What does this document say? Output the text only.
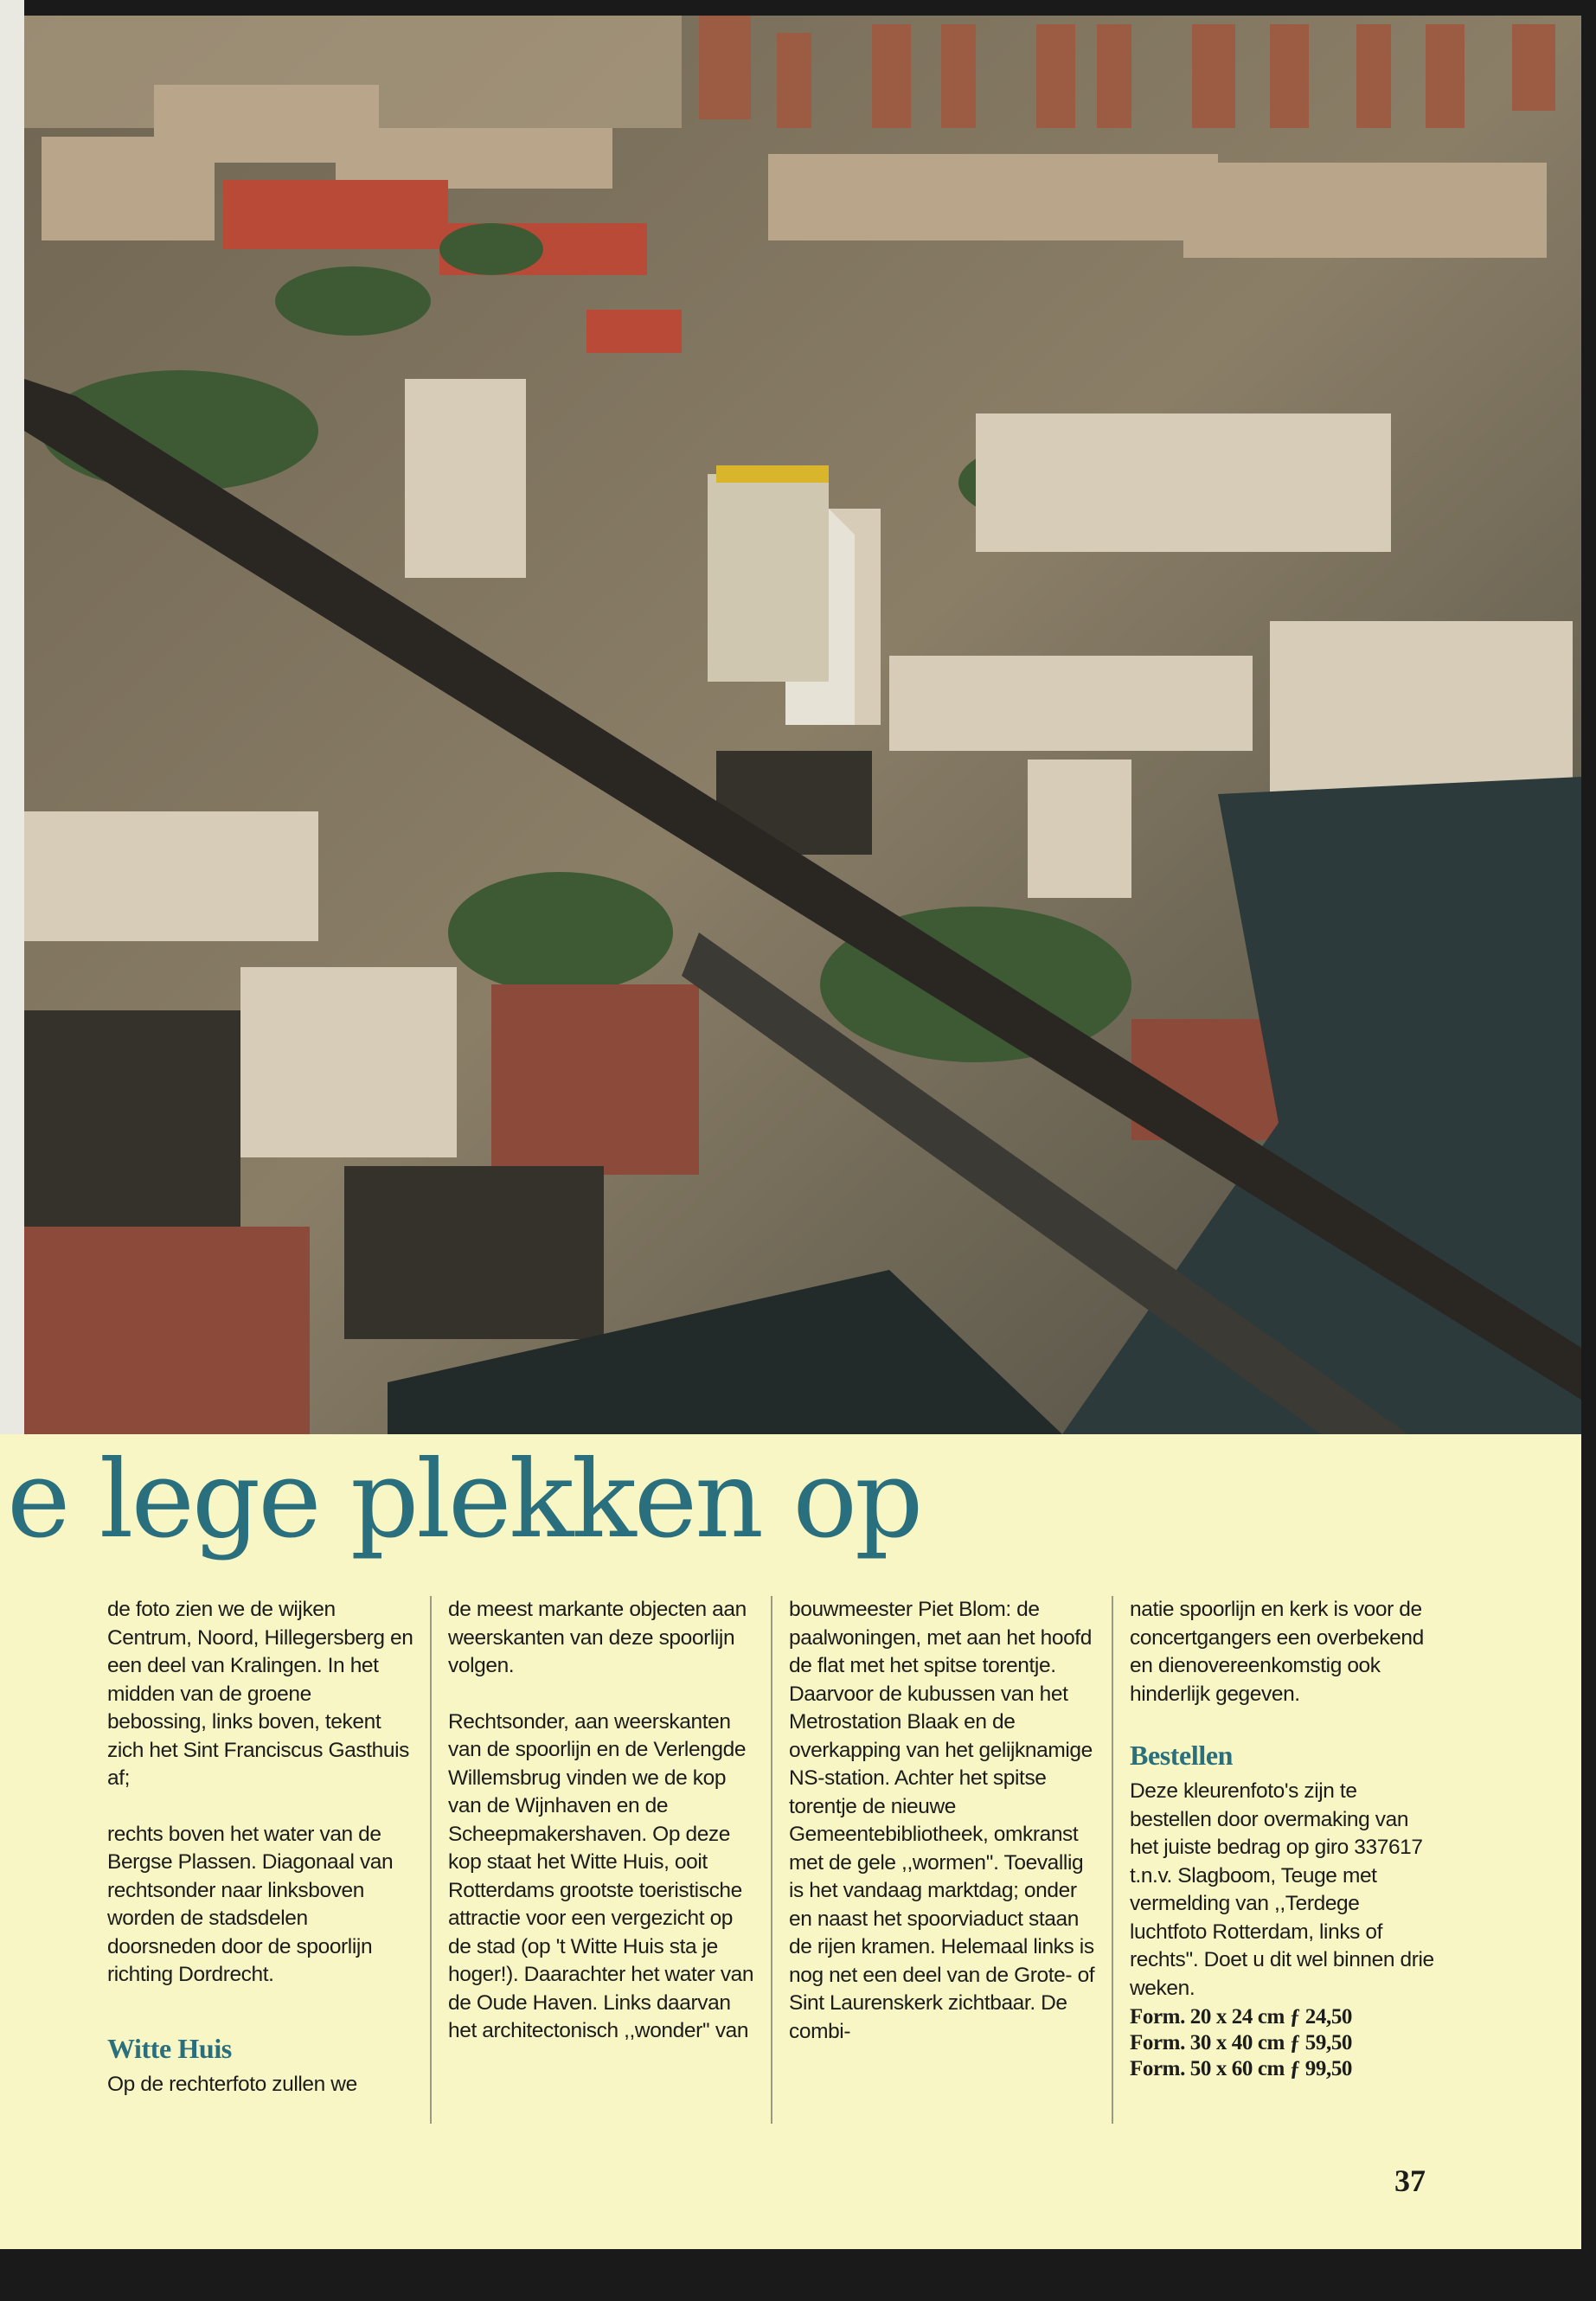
e lege plekken op

de foto zien we de wijken Centrum, Noord, Hillegersberg en een deel van Kralingen. In het midden van de groene bebossing, links boven, tekent zich het Sint Franciscus Gasthuis af;

rechts boven het water van de Bergse Plassen. Diagonaal van rechtsonder naar linksboven worden de stadsdelen doorsneden door de spoorlijn richting Dordrecht.

Witte Huis

Op de rechterfoto zullen we

de meest markante objecten aan weerskanten van deze spoorlijn volgen.

Rechtsonder, aan weerskanten van de spoorlijn en de Verlengde Willemsbrug vinden we de kop van de Wijnhaven en de Scheepmakershaven. Op deze kop staat het Witte Huis, ooit Rotterdams grootste toeristische attractie voor een vergezicht op de stad (op 't Witte Huis sta je hoger!). Daarachter het water van de Oude Haven. Links daarvan het architectonisch ,,wonder'' van

bouwmeester Piet Blom: de paalwoningen, met aan het hoofd de flat met het spitse torentje. Daarvoor de kubussen van het Metrostation Blaak en de overkapping van het gelijknamige NS-station. Achter het spitse torentje de nieuwe Gemeentebibliotheek, omkranst met de gele ,,wormen''. Toevallig is het vandaag marktdag; onder en naast het spoorviaduct staan de rijen kramen. Helemaal links is nog net een deel van de Grote- of Sint Laurenskerk zichtbaar. De combi-

natie spoorlijn en kerk is voor de concertgangers een overbekend en dienovereenkomstig ook hinderlijk gegeven.

Bestellen

Deze kleurenfoto's zijn te bestellen door overmaking van het juiste bedrag op giro 337617 t.n.v. Slagboom, Teuge met vermelding van ,,Terdege luchtfoto Rotterdam, links of rechts''. Doet u dit wel binnen drie weken.

Form. 20 x 24 cm ƒ 24,50
Form. 30 x 40 cm ƒ 59,50
Form. 50 x 60 cm ƒ 99,50
37
